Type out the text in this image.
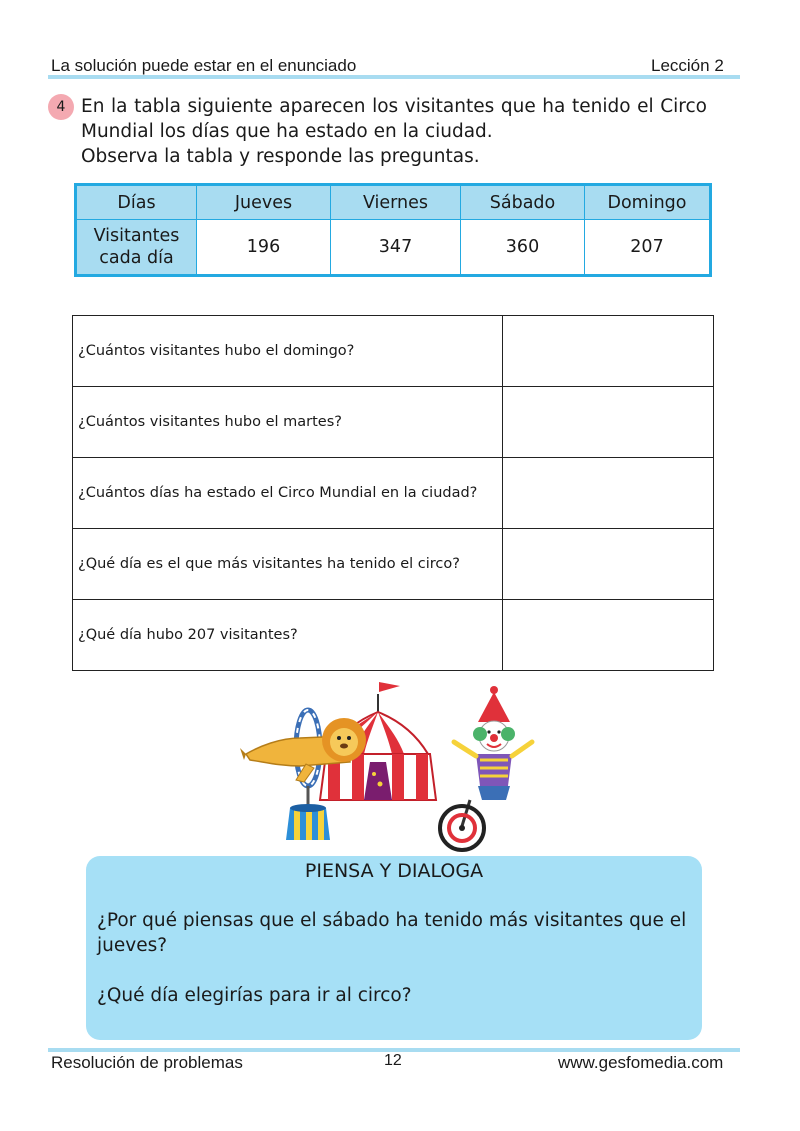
La solución puede estar en el enunciado	Lección 2
4 En la tabla siguiente aparecen los visitantes que ha tenido el Circo
Mundial los días que ha estado en la ciudad.
Observa la tabla y responde las preguntas.
Días	Jueves	Viernes	Sábado	Domingo
Visitantes
cada día	196	347	360	207
¿Cuántos visitantes hubo el domingo?	
¿Cuántos visitantes hubo el martes?	
¿Cuántos días ha estado el Circo Mundial en la ciudad?	
¿Qué día es el que más visitantes ha tenido el circo?	
¿Qué día hubo 207 visitantes?	
PIENSA Y DIALOGA
¿Por qué piensas que el sábado ha tenido más visitantes que el
jueves?
¿Qué día elegirías para ir al circo?
Resolución de problemas	12	www.gesfomedia.com
